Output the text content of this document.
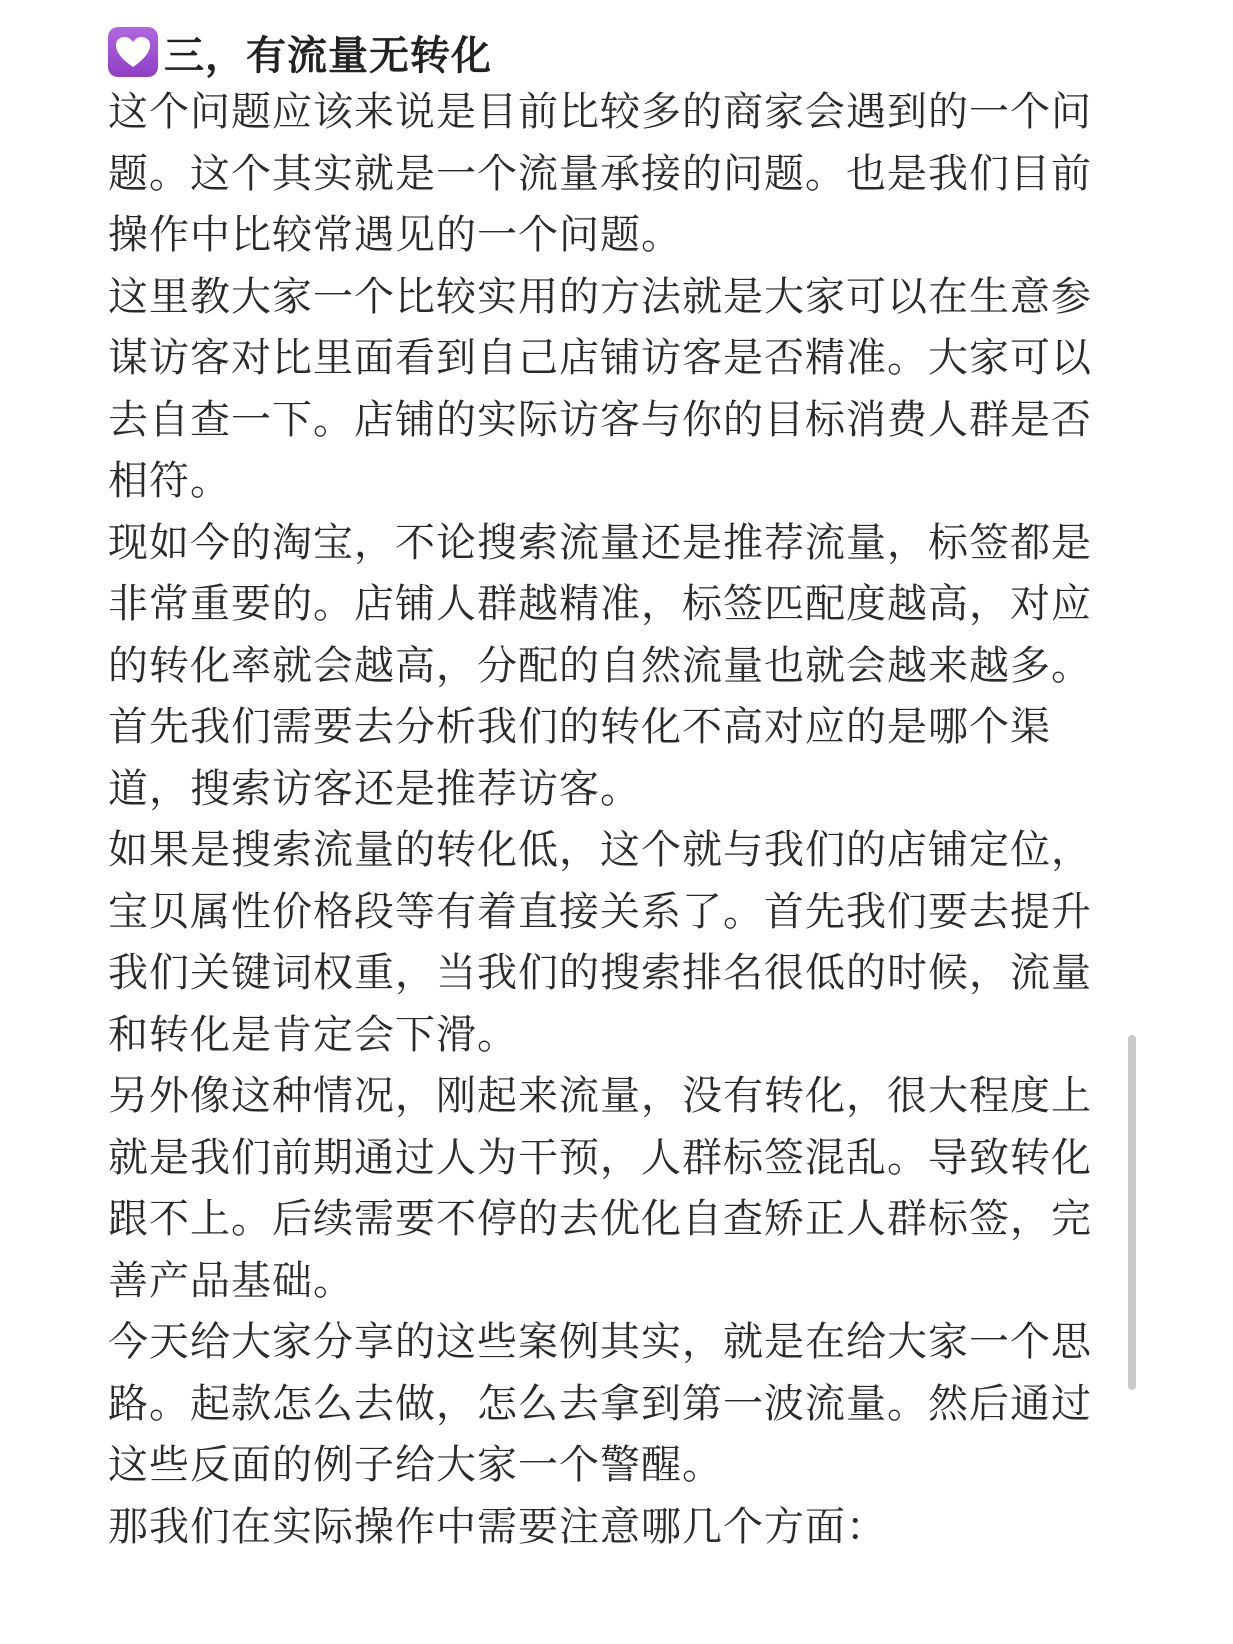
三，有流量无转化

这个问题应该来说是目前比较多的商家会遇到的一个问题。这个其实就是一个流量承接的问题。也是我们目前操作中比较常遇见的一个问题。

这里教大家一个比较实用的方法就是大家可以在生意参谋访客对比里面看到自己店铺访客是否精准。大家可以去自查一下。店铺的实际访客与你的目标消费人群是否相符。

现如今的淘宝，不论搜索流量还是推荐流量，标签都是非常重要的。店铺人群越精准，标签匹配度越高，对应的转化率就会越高，分配的自然流量也就会越来越多。

首先我们需要去分析我们的转化不高对应的是哪个渠道，搜索访客还是推荐访客。

如果是搜索流量的转化低，这个就与我们的店铺定位，宝贝属性价格段等有着直接关系了。首先我们要去提升我们关键词权重，当我们的搜索排名很低的时候，流量和转化是肯定会下滑。

另外像这种情况，刚起来流量，没有转化，很大程度上就是我们前期通过人为干预，人群标签混乱。导致转化跟不上。后续需要不停的去优化自查矫正人群标签，完善产品基础。

今天给大家分享的这些案例其实，就是在给大家一个思路。起款怎么去做，怎么去拿到第一波流量。然后通过这些反面的例子给大家一个警醒。

那我们在实际操作中需要注意哪几个方面：
